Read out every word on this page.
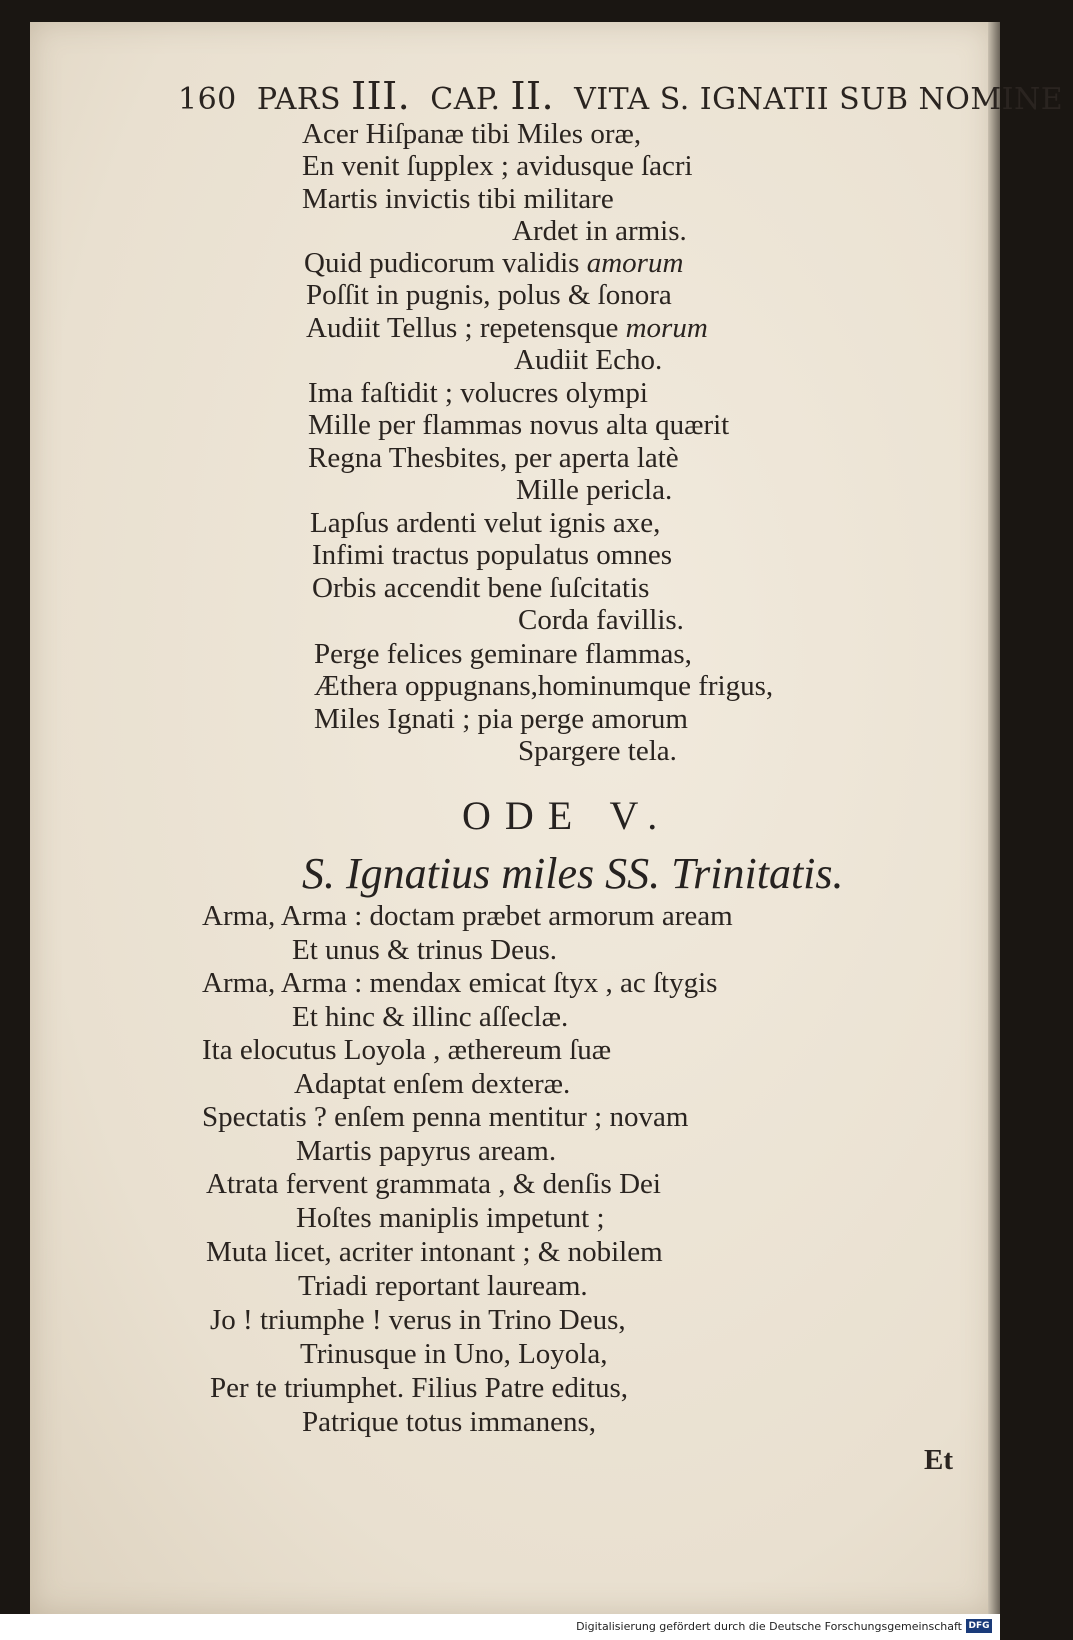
160 PARS III. CAP. II. VITA S. IGNATII SUB NOMINE
Acer Hiſpanæ tibi Miles oræ,
En venit ſupplex ; avidusque ſacri
Martis invictis tibi militare
Ardet in armis.
Quid pudicorum validis amorum
Poſſit in pugnis, polus & ſonora
Audiit Tellus ; repetensque morum
Audiit Echo.
Ima faſtidit ; volucres olympi
Mille per flammas novus alta quærit
Regna Thesbites, per aperta latè
Mille pericla.
Lapſus ardenti velut ignis axe,
Infimi tractus populatus omnes
Orbis accendit bene ſuſcitatis
Corda favillis.
Perge felices geminare flammas,
Æthera oppugnans,hominumque frigus,
Miles Ignati ; pia perge amorum
Spargere tela.
ODE V.
S. Ignatius miles SS. Trinitatis.
Arma, Arma : doctam præbet armorum aream
Et unus & trinus Deus.
Arma, Arma : mendax emicat ſtyx , ac ſtygis
Et hinc & illinc aſſeclæ.
Ita elocutus Loyola , æthereum ſuæ
Adaptat enſem dexteræ.
Spectatis ? enſem penna mentitur ; novam
Martis papyrus aream.
Atrata fervent grammata , & denſis Dei
Hoſtes maniplis impetunt ;
Muta licet, acriter intonant ; & nobilem
Triadi reportant lauream.
Jo ! triumphe ! verus in Trino Deus,
Trinusque in Uno, Loyola,
Per te triumphet. Filius Patre editus,
Patrique totus immanens,
Et
Digitalisierung gefördert durch die Deutsche Forschungsgemeinschaft DFG
